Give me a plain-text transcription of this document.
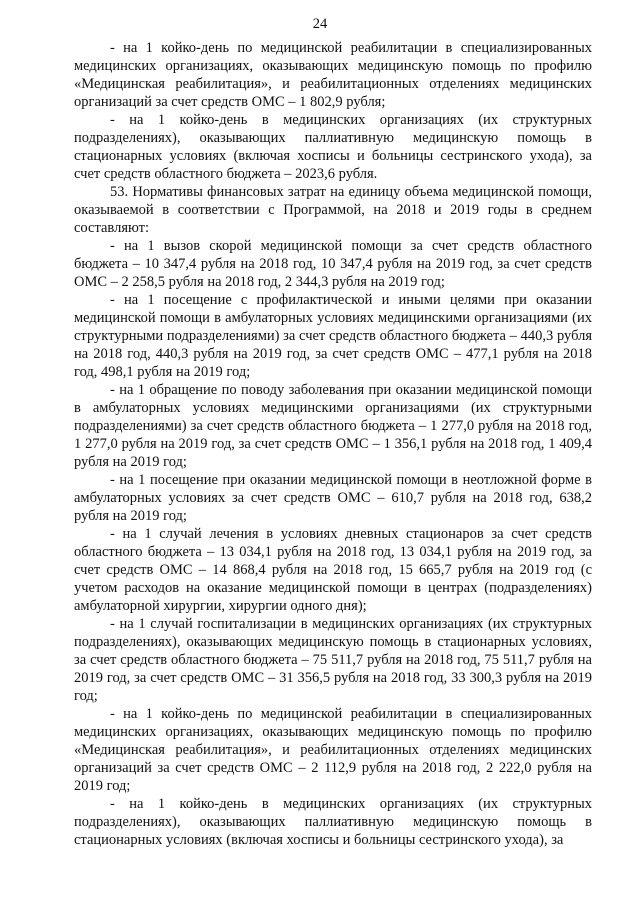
24

- на 1 койко-день по медицинской реабилитации в специализированных медицинских организациях, оказывающих медицинскую помощь по профилю «Медицинская реабилитация», и реабилитационных отделениях медицинских организаций за счет средств ОМС – 1 802,9 рубля;

- на 1 койко-день в медицинских организациях (их структурных подразделениях), оказывающих паллиативную медицинскую помощь в стационарных условиях (включая хосписы и больницы сестринского ухода), за счет средств областного бюджета – 2023,6 рубля.

53. Нормативы финансовых затрат на единицу объема медицинской помощи, оказываемой в соответствии с Программой, на 2018 и 2019 годы в среднем составляют:

- на 1 вызов скорой медицинской помощи за счет средств областного бюджета – 10 347,4 рубля на 2018 год, 10 347,4 рубля на 2019 год, за счет средств ОМС – 2 258,5 рубля на 2018 год, 2 344,3 рубля на 2019 год;

- на 1 посещение с профилактической и иными целями при оказании медицинской помощи в амбулаторных условиях медицинскими организациями (их структурными подразделениями) за счет средств областного бюджета – 440,3 рубля на 2018 год, 440,3 рубля на 2019 год, за счет средств ОМС – 477,1 рубля на 2018 год, 498,1 рубля на 2019 год;

- на 1 обращение по поводу заболевания при оказании медицинской помощи в амбулаторных условиях медицинскими организациями (их структурными подразделениями) за счет средств областного бюджета – 1 277,0 рубля на 2018 год, 1 277,0 рубля на 2019 год, за счет средств ОМС – 1 356,1 рубля на 2018 год, 1 409,4 рубля на 2019 год;

- на 1 посещение при оказании медицинской помощи в неотложной форме в амбулаторных условиях за счет средств ОМС – 610,7 рубля на 2018 год, 638,2 рубля на 2019 год;

- на 1 случай лечения в условиях дневных стационаров за счет средств областного бюджета – 13 034,1 рубля на 2018 год, 13 034,1 рубля на 2019 год, за счет средств ОМС – 14 868,4 рубля на 2018 год, 15 665,7 рубля на 2019 год (с учетом расходов на оказание медицинской помощи в центрах (подразделениях) амбулаторной хирургии, хирургии одного дня);

- на 1 случай госпитализации в медицинских организациях (их структурных подразделениях), оказывающих медицинскую помощь в стационарных условиях, за счет средств областного бюджета – 75 511,7 рубля на 2018 год, 75 511,7 рубля на 2019 год, за счет средств ОМС – 31 356,5 рубля на 2018 год, 33 300,3 рубля на 2019 год;

- на 1 койко-день по медицинской реабилитации в специализированных медицинских организациях, оказывающих медицинскую помощь по профилю «Медицинская реабилитация», и реабилитационных отделениях медицинских организаций за счет средств ОМС – 2 112,9 рубля на 2018 год, 2 222,0 рубля на 2019 год;

- на 1 койко-день в медицинских организациях (их структурных подразделениях), оказывающих паллиативную медицинскую помощь в стационарных условиях (включая хосписы и больницы сестринского ухода), за
